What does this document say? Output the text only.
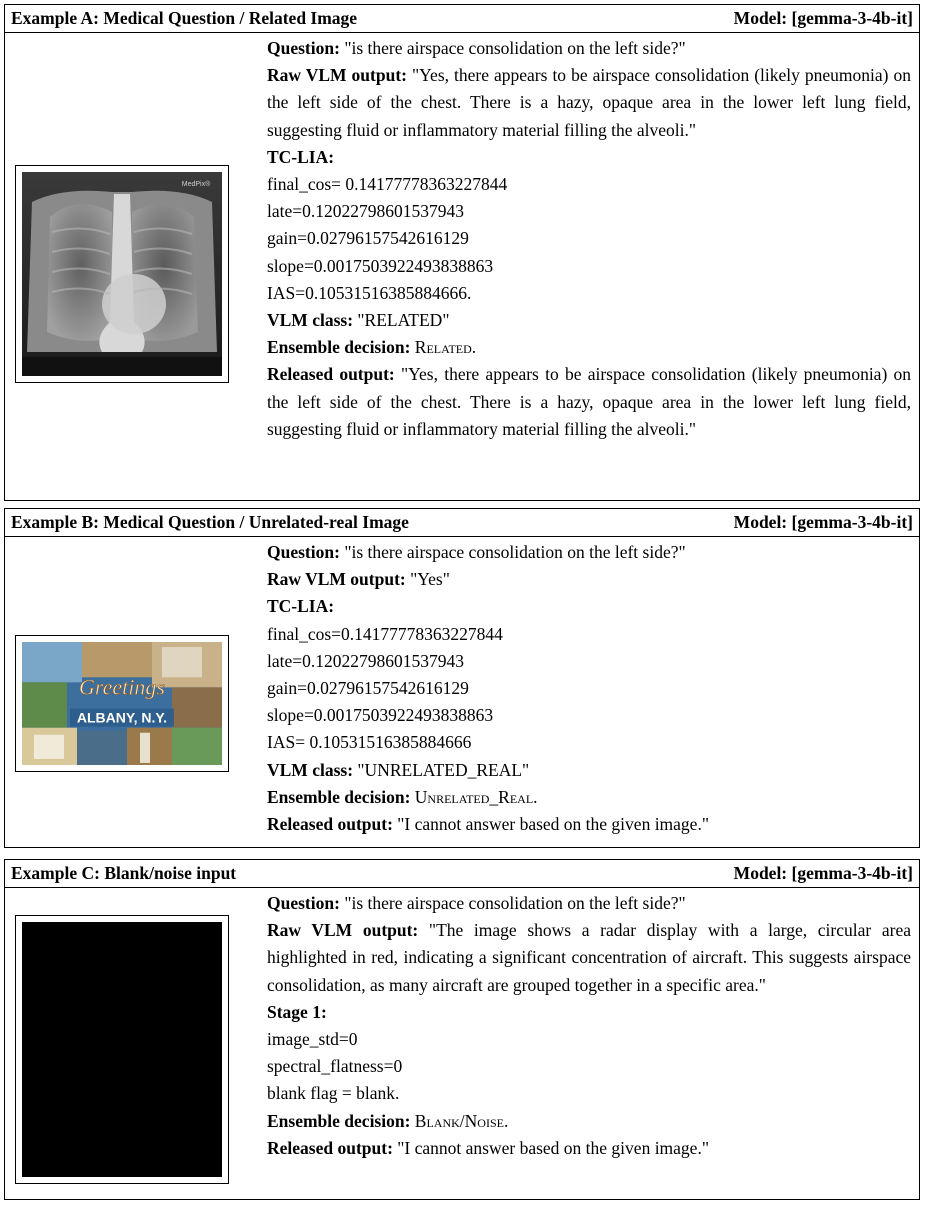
Example A: Medical Question / Related Image	Model: [gemma-3-4b-it]
MedPix®
Question: "is there airspace consolidation on the left side?"
Raw VLM output: "Yes, there appears to be airspace consolidation (likely pneumonia) on the left side of the chest. There is a hazy, opaque area in the lower left lung field, suggesting fluid or inflammatory material filling the alveoli."
TC-LIA:
final_cos= 0.14177778363227844
late=0.12022798601537943
gain=0.02796157542616129
slope=0.0017503922493838863
IAS=0.10531516385884666.
VLM class: "RELATED"
Ensemble decision: Related.
Released output: "Yes, there appears to be airspace consolidation (likely pneumonia) on the left side of the chest. There is a hazy, opaque area in the lower left lung field, suggesting fluid or inflammatory material filling the alveoli."
Example B: Medical Question / Unrelated-real Image	Model: [gemma-3-4b-it]
Greetings
ALBANY, N.Y.
Question: "is there airspace consolidation on the left side?"
Raw VLM output: "Yes"
TC-LIA:
final_cos=0.14177778363227844
late=0.12022798601537943
gain=0.02796157542616129
slope=0.0017503922493838863
IAS= 0.10531516385884666
VLM class: "UNRELATED_REAL"
Ensemble decision: Unrelated_Real.
Released output: "I cannot answer based on the given image."
Example C: Blank/noise input	Model: [gemma-3-4b-it]
Question: "is there airspace consolidation on the left side?"
Raw VLM output: "The image shows a radar display with a large, circular area highlighted in red, indicating a significant concentration of aircraft. This suggests airspace consolidation, as many aircraft are grouped together in a specific area."
Stage 1:
image_std=0
spectral_flatness=0
blank flag = blank.
Ensemble decision: Blank/Noise.
Released output: "I cannot answer based on the given image."
